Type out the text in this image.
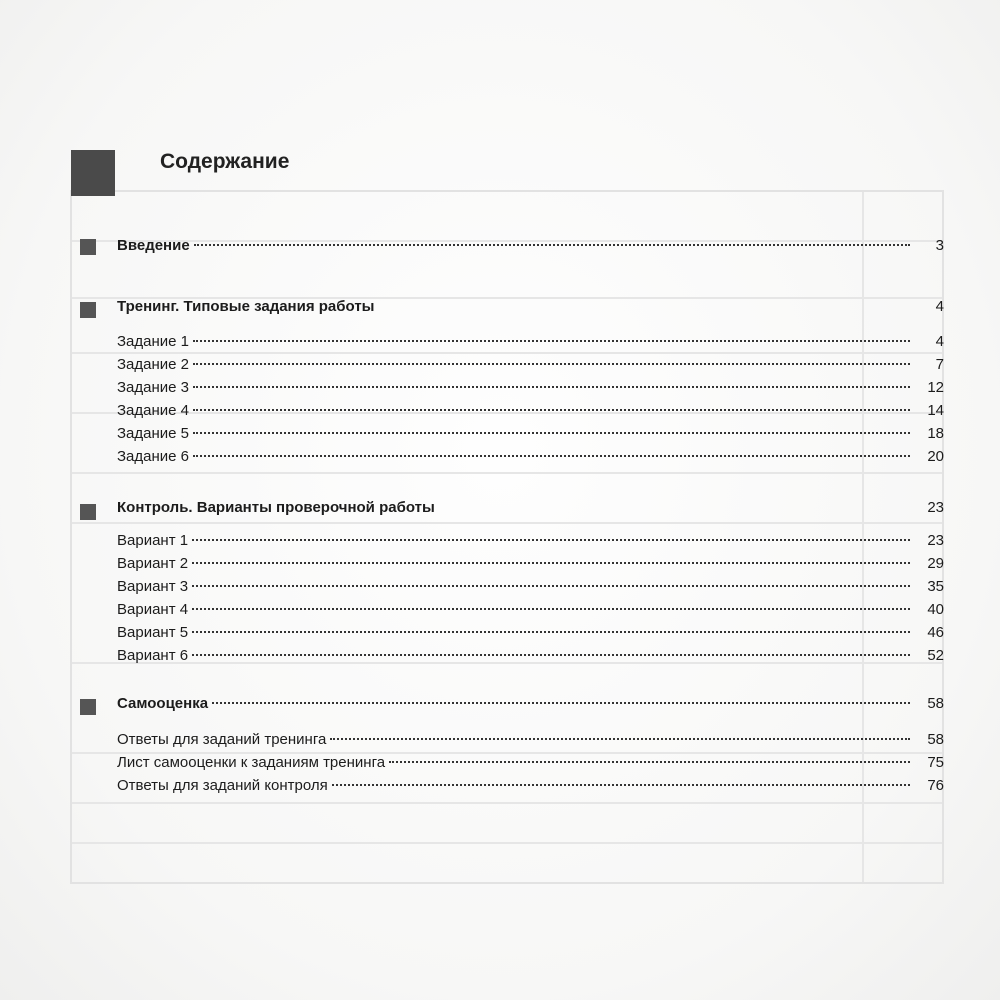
Содержание
Введение	3
Тренинг. Типовые задания работы	4
Задание 1	4
Задание 2	7
Задание 3	12
Задание 4	14
Задание 5	18
Задание 6	20
Контроль. Варианты проверочной работы	23
Вариант 1	23
Вариант 2	29
Вариант 3	35
Вариант 4	40
Вариант 5	46
Вариант 6	52
Самооценка	58
Ответы для заданий тренинга	58
Лист самооценки к заданиям тренинга	75
Ответы для заданий контроля	76
